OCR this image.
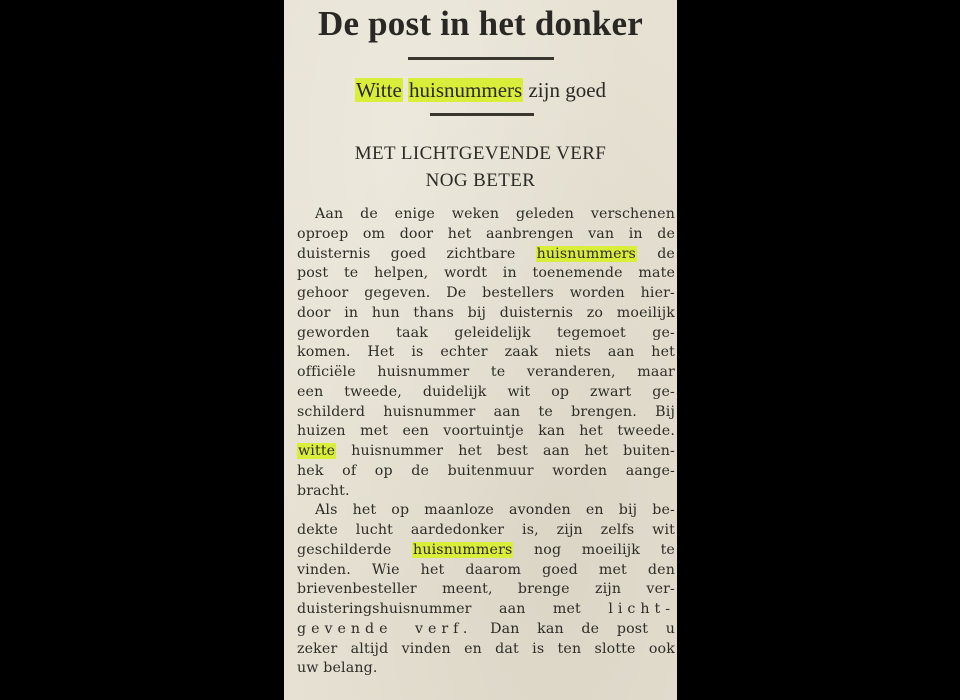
De post in het donker
Witte huisnummers zijn goed
MET LICHTGEVENDE VERF
NOG BETER
Aan de enige weken geleden verschenen
oproep om door het aanbrengen van in de
duisternis goed zichtbare huisnummers de
post te helpen, wordt in toenemende mate
gehoor gegeven. De bestellers worden hier-
door in hun thans bij duisternis zo moeilijk
geworden taak geleidelijk tegemoet ge-
komen. Het is echter zaak niets aan het
officiële huisnummer te veranderen, maar
een tweede, duidelijk wit op zwart ge-
schilderd huisnummer aan te brengen. Bij
huizen met een voortuintje kan het tweede.
witte huisnummer het best aan het buiten-
hek of op de buitenmuur worden aange-
bracht.
Als het op maanloze avonden en bij be-
dekte lucht aardedonker is, zijn zelfs wit
geschilderde huisnummers nog moeilijk te
vinden. Wie het daarom goed met den
brievenbesteller meent, brenge zijn ver-
duisteringshuisnummer aan met licht-
gevende verf. Dan kan de post u
zeker altijd vinden en dat is ten slotte ook
uw belang.
